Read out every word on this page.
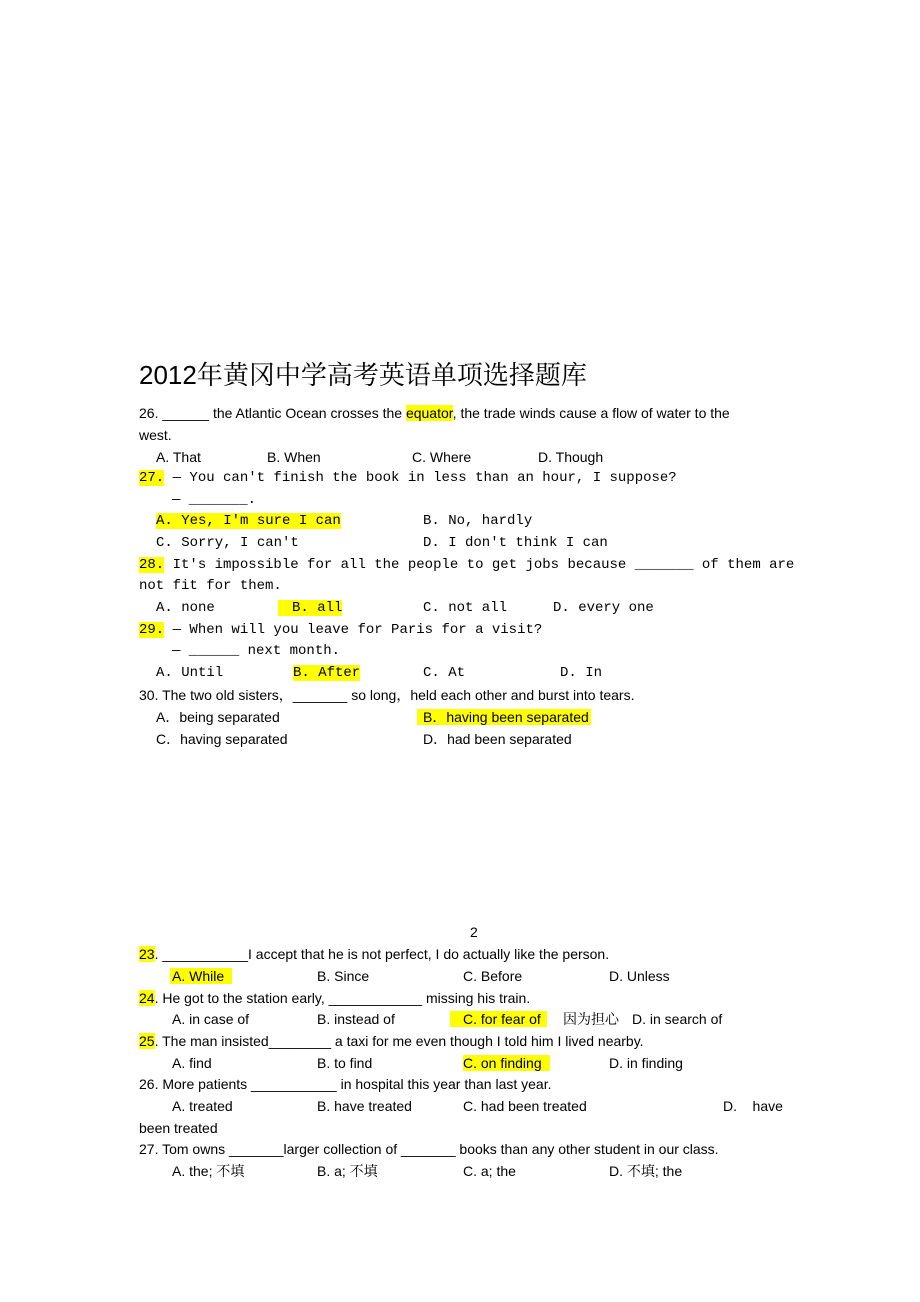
2012年黄冈中学高考英语单项选择题库
26. ______ the Atlantic Ocean crosses the equator, the trade winds cause a flow of water to the
west.
A. That	B. When	C. Where	D. Though
27. — You can't finish the book in less than an hour, I suppose?
— _______.
A. Yes, I'm sure I can	B. No, hardly
C. Sorry, I can't	D. I don't think I can
28. It's impossible for all the people to get jobs because _______ of them are
not fit for them.
A. none	B. all	C. not all	D. every one
29. — When will you leave for Paris for a visit?
— ______ next month.
A. Until	B. After	C. At	D. In
30. The two old sisters，_______ so long，held each other and burst into tears.
A．being separated	B．having been separated
C．having separated	D．had been separated
2
23. ___________I accept that he is not perfect, I do actually like the person.
A. While	B. Since	C. Before	D. Unless
24. He got to the station early, ____________ missing his train.
A. in case of	B. instead of	C. for fear of	因为担心 D. in search of
25. The man insisted________ a taxi for me even though I told him I lived nearby.
A. find	B. to find	C. on finding	D. in finding
26. More patients ___________ in hospital this year than last year.
A. treated	B. have treated	C. had been treated	D.    have
been treated
27. Tom owns _______larger collection of _______ books than any other student in our class.
A. the; 不填	B. a; 不填	C. a; the	D. 不填; the
